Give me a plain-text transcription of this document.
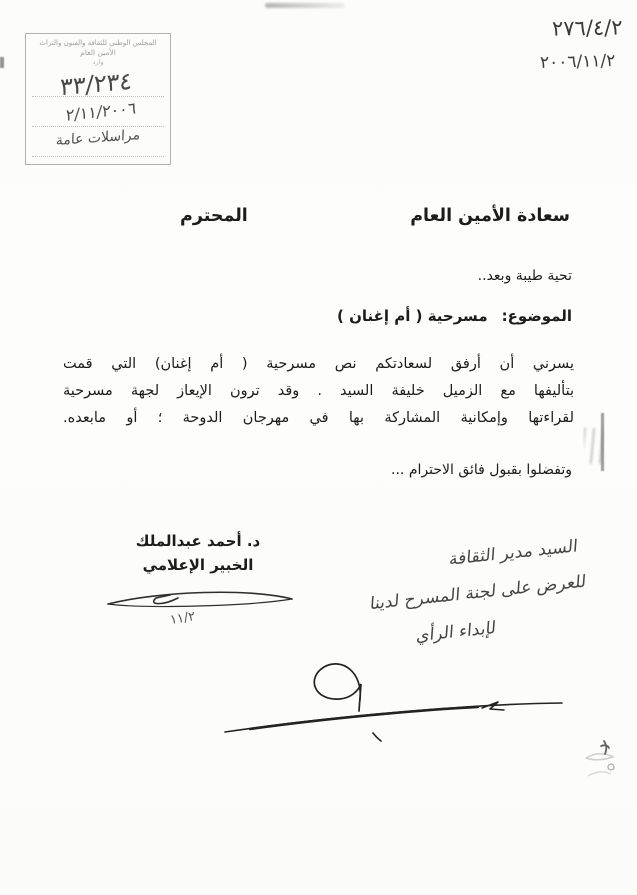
المجلس الوطني للثقافة والفنون والتراث
الأمين العام
وارد
٣٣/٢٣٤
٢/١١/٢٠٠٦
مراسلات عامة
٢٧٦/٤/٢
٢٠٠٦/١١/٢
سعادة الأمين العام
المحترم
تحية طيبة وبعد..
الموضوع:
مسرحية ( أم إغنان )
يسرني أن أرفق لسعادتكم نص مسرحية ( أم إغنان) التي قمت
بتأليفها مع الزميل خليفة السيد . وقد ترون الإيعاز لجهة مسرحية
لقراءتها وإمكانية المشاركة بها في مهرجان الدوحة ؛ أو مابعده.
وتفضلوا بقبول فائق الاحترام ...
د. أحمد عبدالملك
الخبير الإعلامي
١١/٢
السيد مدير الثقافة
للعرض على لجنة المسرح لدينا
لإبداء الرأي
